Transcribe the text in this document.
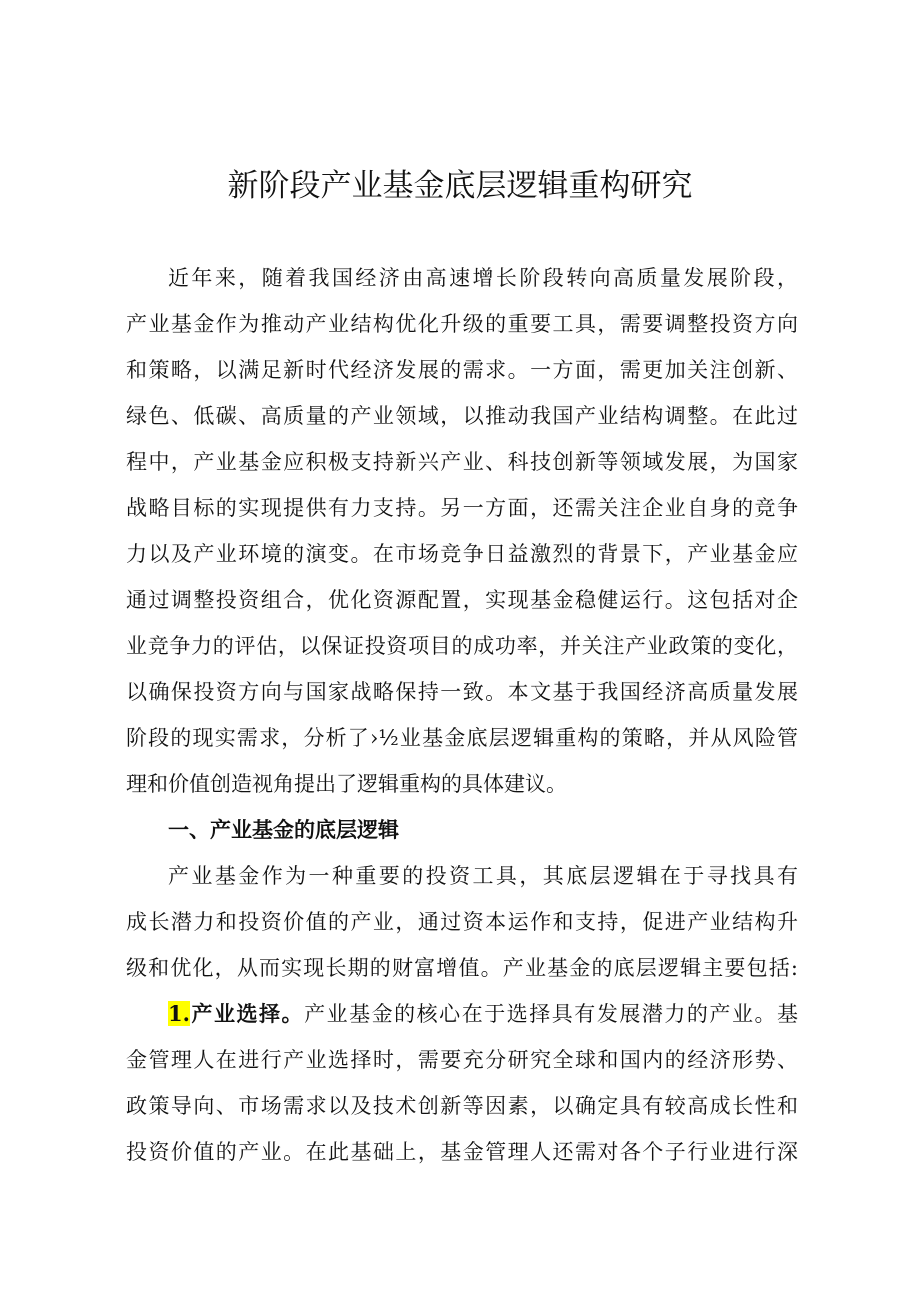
新阶段产业基金底层逻辑重构研究
近年来，随着我国经济由高速增长阶段转向高质量发展阶段，
产业基金作为推动产业结构优化升级的重要工具，需要调整投资方向
和策略，以满足新时代经济发展的需求。一方面，需更加关注创新、
绿色、低碳、高质量的产业领域，以推动我国产业结构调整。在此过
程中，产业基金应积极支持新兴产业、科技创新等领域发展，为国家
战略目标的实现提供有力支持。另一方面，还需关注企业自身的竞争
力以及产业环境的演变。在市场竞争日益激烈的背景下，产业基金应
通过调整投资组合，优化资源配置，实现基金稳健运行。这包括对企
业竞争力的评估，以保证投资项目的成功率，并关注产业政策的变化，
以确保投资方向与国家战略保持一致。本文基于我国经济高质量发展
阶段的现实需求，分析了›½业基金底层逻辑重构的策略，并从风险管
理和价值创造视角提出了逻辑重构的具体建议。
一、产业基金的底层逻辑
产业基金作为一种重要的投资工具，其底层逻辑在于寻找具有
成长潜力和投资价值的产业，通过资本运作和支持，促进产业结构升
级和优化，从而实现长期的财富增值。产业基金的底层逻辑主要包括:
1.产业选择。产业基金的核心在于选择具有发展潜力的产业。基
金管理人在进行产业选择时，需要充分研究全球和国内的经济形势、
政策导向、市场需求以及技术创新等因素，以确定具有较高成长性和
投资价值的产业。在此基础上，基金管理人还需对各个子行业进行深
